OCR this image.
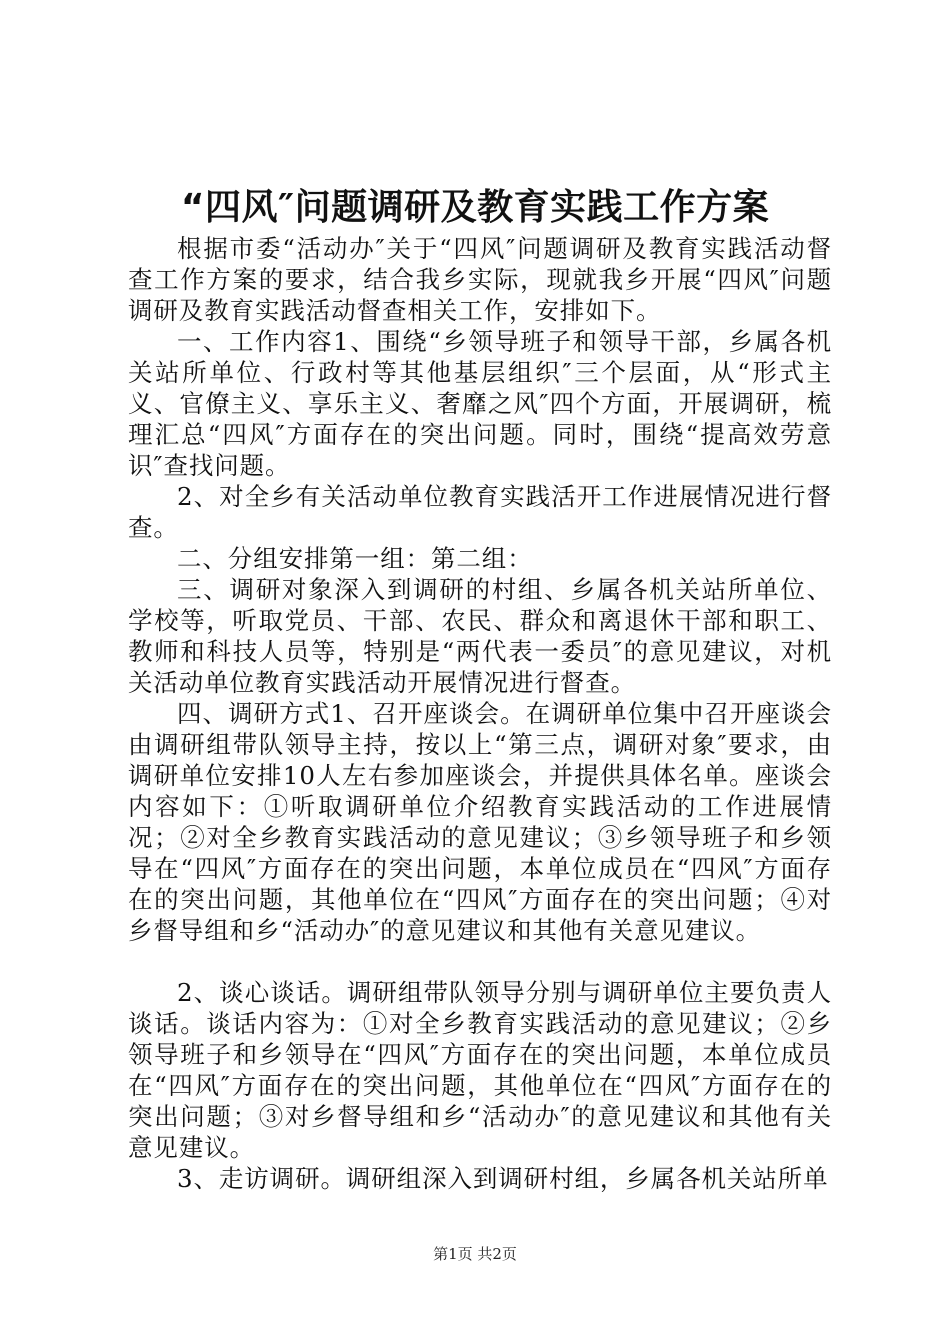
“四风″问题调研及教育实践工作方案

根据市委“活动办″关于“四风″问题调研及教育实践活动督查工作方案的要求，结合我乡实际，现就我乡开展“四风″问题调研及教育实践活动督查相关工作，安排如下。

一、工作内容1、围绕“乡领导班子和领导干部，乡属各机关站所单位、行政村等其他基层组织″三个层面，从“形式主义、官僚主义、享乐主义、奢靡之风″四个方面，开展调研，梳理汇总“四风″方面存在的突出问题。同时，围绕“提高效劳意识″查找问题。

2、对全乡有关活动单位教育实践活开工作进展情况进行督查。

二、分组安排第一组：第二组：

三、调研对象深入到调研的村组、乡属各机关站所单位、学校等，听取党员、干部、农民、群众和离退休干部和职工、教师和科技人员等，特别是“两代表一委员″的意见建议，对机关活动单位教育实践活动开展情况进行督查。

四、调研方式1、召开座谈会。在调研单位集中召开座谈会由调研组带队领导主持，按以上“第三点，调研对象″要求，由调研单位安排10人左右参加座谈会，并提供具体名单。座谈会内容如下：①听取调研单位介绍教育实践活动的工作进展情况；②对全乡教育实践活动的意见建议；③乡领导班子和乡领导在“四风″方面存在的突出问题，本单位成员在“四风″方面存在的突出问题，其他单位在“四风″方面存在的突出问题；④对乡督导组和乡“活动办″的意见建议和其他有关意见建议。

2、谈心谈话。调研组带队领导分别与调研单位主要负责人谈话。谈话内容为：①对全乡教育实践活动的意见建议；②乡领导班子和乡领导在“四风″方面存在的突出问题，本单位成员在“四风″方面存在的突出问题，其他单位在“四风″方面存在的突出问题；③对乡督导组和乡“活动办″的意见建议和其他有关意见建议。

3、走访调研。调研组深入到调研村组，乡属各机关站所单

第1页 共2页
